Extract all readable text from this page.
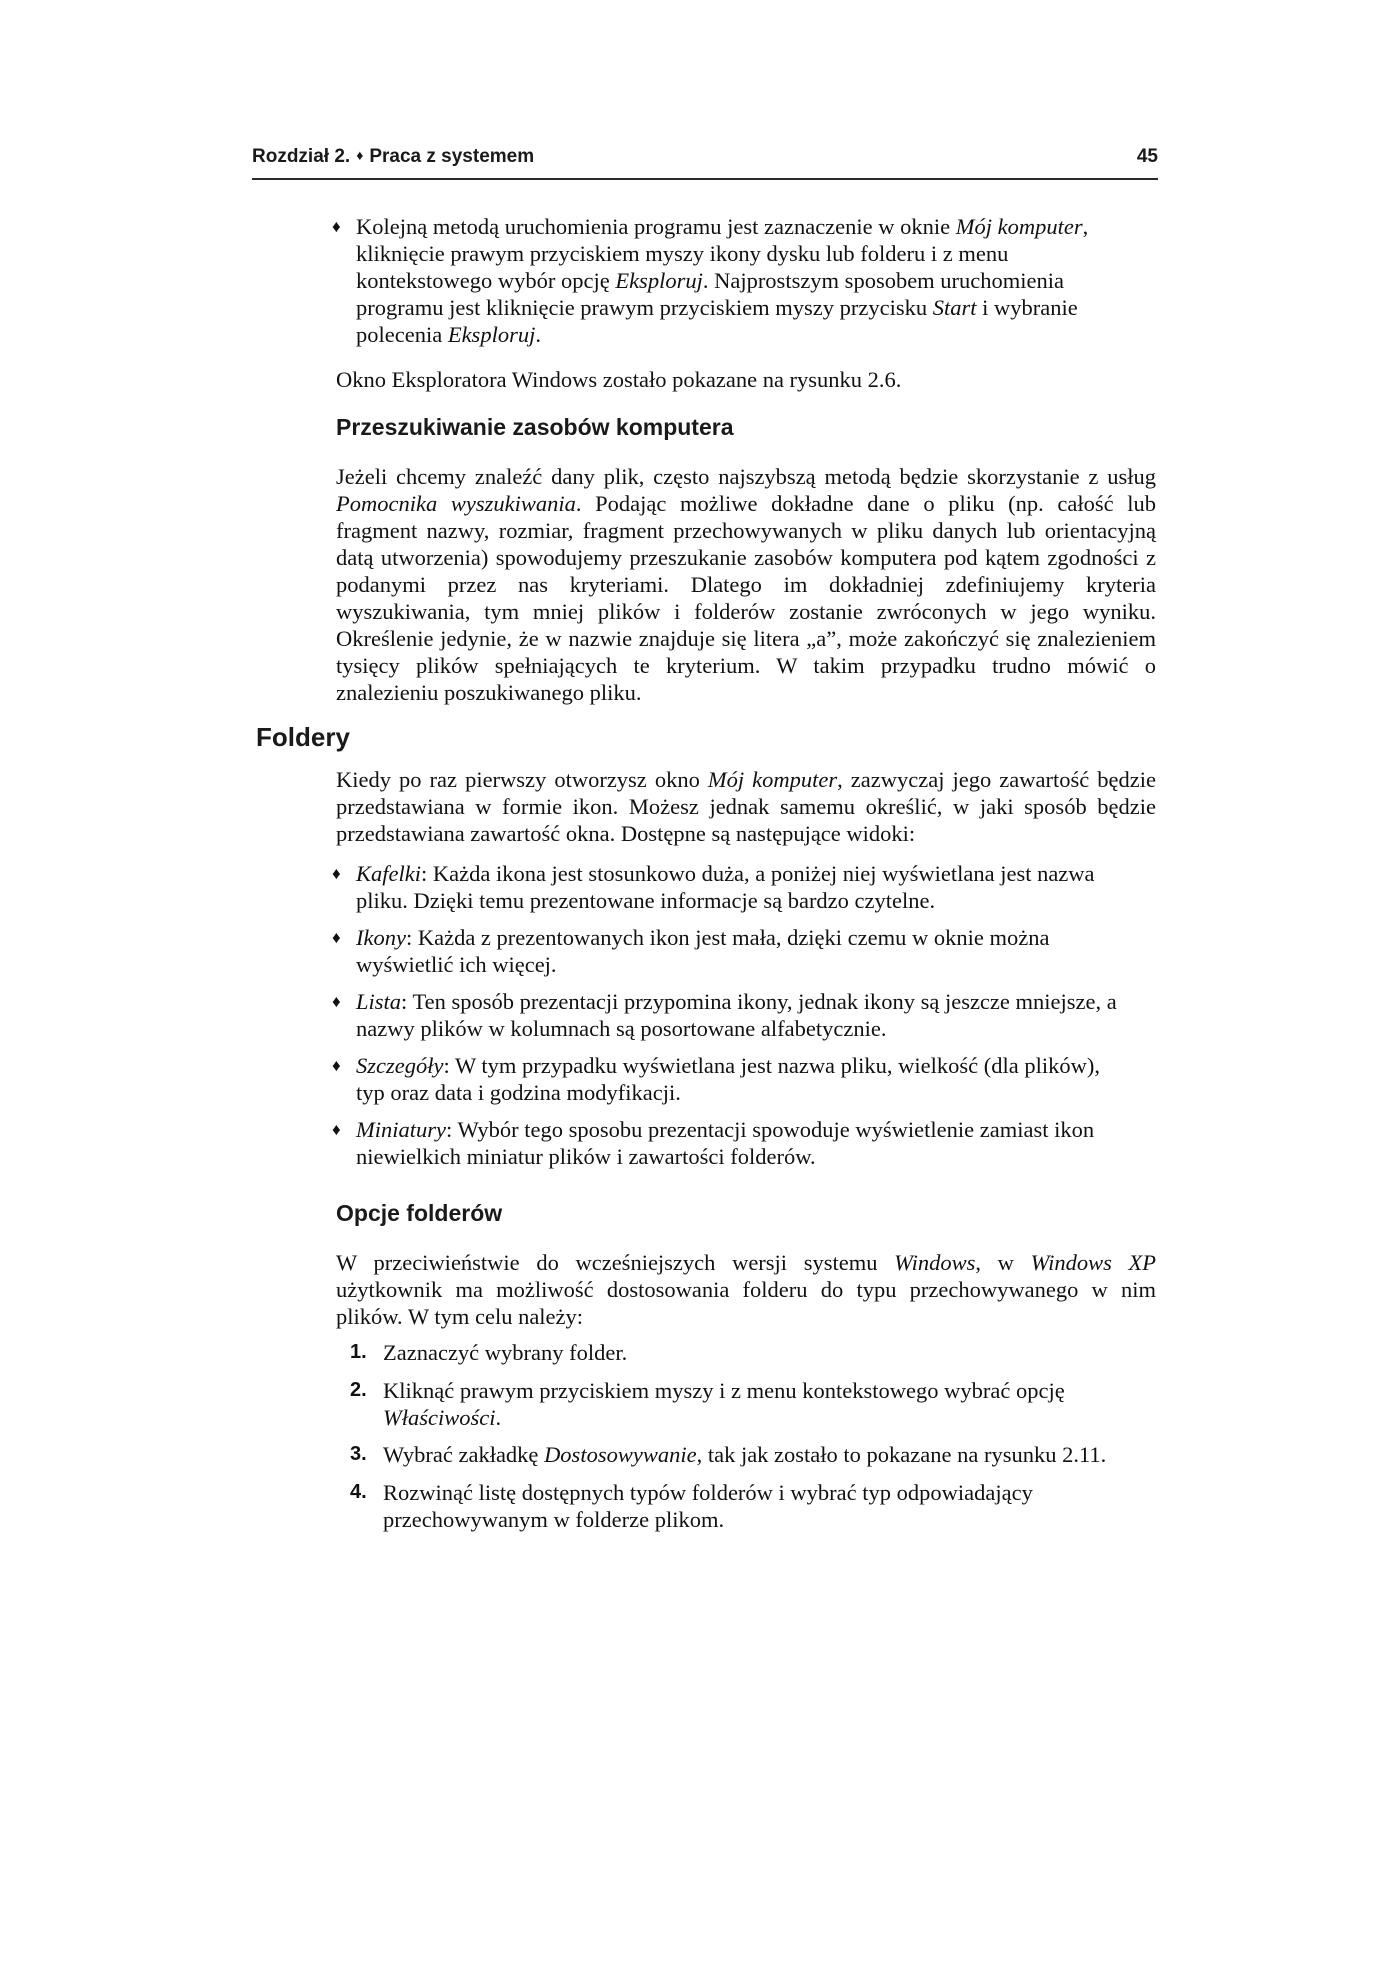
Rozdział 2. ♦ Praca z systemem	45
♦ Kolejną metodą uruchomienia programu jest zaznaczenie w oknie Mój komputer, kliknięcie prawym przyciskiem myszy ikony dysku lub folderu i z menu kontekstowego wybór opcję Eksploruj. Najprostszym sposobem uruchomienia programu jest kliknięcie prawym przyciskiem myszy przycisku Start i wybranie polecenia Eksploruj.

Okno Eksploratora Windows zostało pokazane na rysunku 2.6.

Przeszukiwanie zasobów komputera

Jeżeli chcemy znaleźć dany plik, często najszybszą metodą będzie skorzystanie z usług Pomocnika wyszukiwania. Podając możliwe dokładne dane o pliku (np. całość lub fragment nazwy, rozmiar, fragment przechowywanych w pliku danych lub orientacyjną datą utworzenia) spowodujemy przeszukanie zasobów komputera pod kątem zgodności z podanymi przez nas kryteriami. Dlatego im dokładniej zdefiniujemy kryteria wyszukiwania, tym mniej plików i folderów zostanie zwróconych w jego wyniku. Określenie jedynie, że w nazwie znajduje się litera „a”, może zakończyć się znalezieniem tysięcy plików spełniających te kryterium. W takim przypadku trudno mówić o znalezieniu poszukiwanego pliku.

Foldery

Kiedy po raz pierwszy otworzysz okno Mój komputer, zazwyczaj jego zawartość będzie przedstawiana w formie ikon. Możesz jednak samemu określić, w jaki sposób będzie przedstawiana zawartość okna. Dostępne są następujące widoki:

♦ Kafelki: Każda ikona jest stosunkowo duża, a poniżej niej wyświetlana jest nazwa pliku. Dzięki temu prezentowane informacje są bardzo czytelne.

♦ Ikony: Każda z prezentowanych ikon jest mała, dzięki czemu w oknie można wyświetlić ich więcej.

♦ Lista: Ten sposób prezentacji przypomina ikony, jednak ikony są jeszcze mniejsze, a nazwy plików w kolumnach są posortowane alfabetycznie.

♦ Szczegóły: W tym przypadku wyświetlana jest nazwa pliku, wielkość (dla plików), typ oraz data i godzina modyfikacji.

♦ Miniatury: Wybór tego sposobu prezentacji spowoduje wyświetlenie zamiast ikon niewielkich miniatur plików i zawartości folderów.

Opcje folderów

W przeciwieństwie do wcześniejszych wersji systemu Windows, w Windows XP użytkownik ma możliwość dostosowania folderu do typu przechowywanego w nim plików. W tym celu należy:

1. Zaznaczyć wybrany folder.

2. Kliknąć prawym przyciskiem myszy i z menu kontekstowego wybrać opcję Właściwości.

3. Wybrać zakładkę Dostosowywanie, tak jak zostało to pokazane na rysunku 2.11.

4. Rozwinąć listę dostępnych typów folderów i wybrać typ odpowiadający przechowywanym w folderze plikom.
